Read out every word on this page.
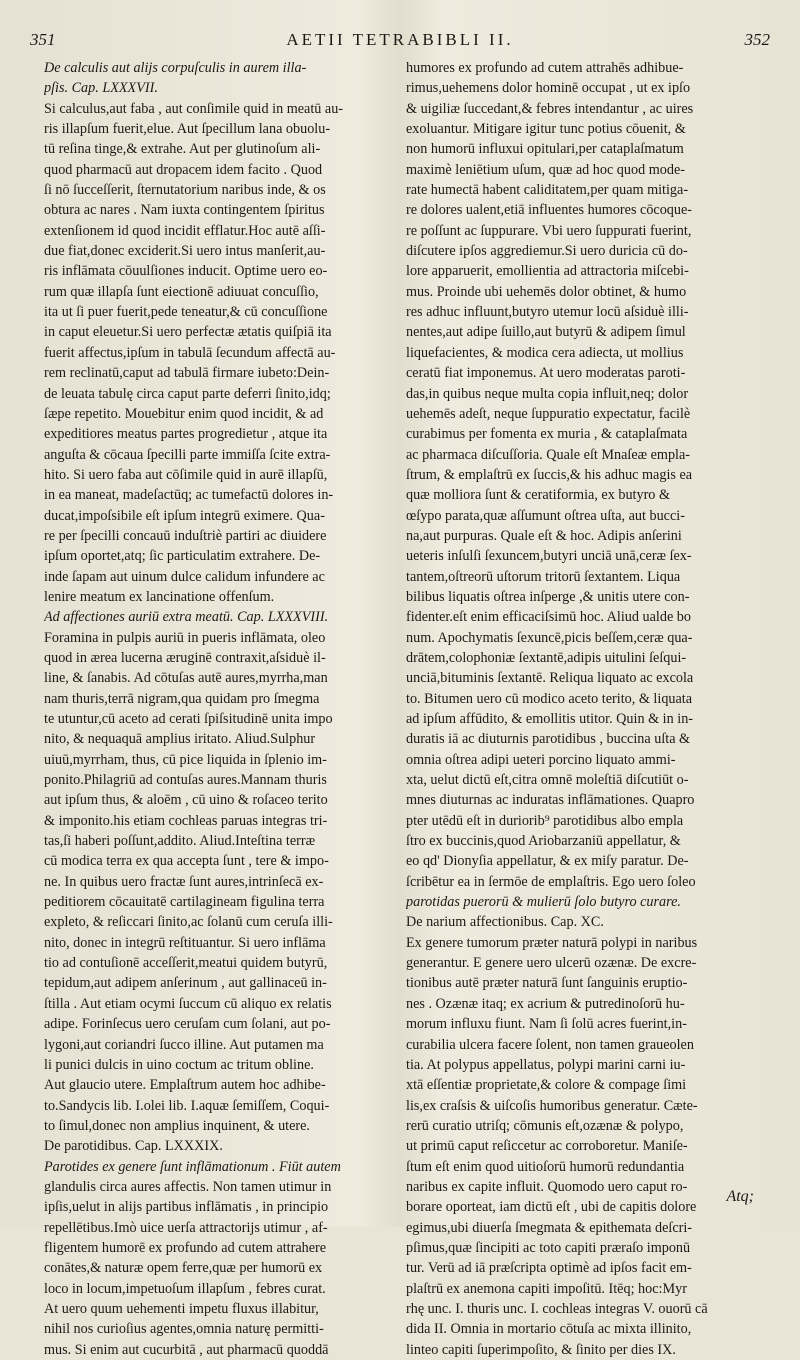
351	AETII TETRABIBLI II.	352
De calculis aut alijs corpuſculis in aurem illa-
pſis. Cap. LXXXVII.
Si calculus,aut faba , aut conſimile quid in meatū au-
ris illapſum fuerit,elue. Aut ſpecillum lana obuolu-
tū reſina tinge,& extrahe. Aut per glutinoſum ali-
quod pharmacū aut dropacem idem facito . Quod
ſi nō ſucceſſerit, ſternutatorium naribus inde, & os
obtura ac nares . Nam iuxta contingentem ſpiritus
extenſionem id quod incidit efflatur.Hoc autē aſſi-
due fiat,donec exciderit.Si uero intus manſerit,au-
ris inflāmata cōuulſiones inducit. Optime uero eo-
rum quæ illapſa ſunt eiectionē adiuuat concuſſio,
ita ut ſi puer fuerit,pede teneatur,& cū concuſſione
in caput eleuetur.Si uero perfectæ ætatis quiſpiā ita
fuerit affectus,ipſum in tabulā ſecundum affectā au-
rem reclinatū,caput ad tabulā firmare iubeto:Dein-
de leuata tabulę circa caput parte deferri ſinito,idq;
ſæpe repetito. Mouebitur enim quod incidit, & ad
expeditiores meatus partes progredietur , atque ita
anguſta & cōcaua ſpecilli parte immiſſa ſcite extra-
hito. Si uero faba aut cōſimile quid in aurē illapſū,
in ea maneat, madeſactūq; ac tumefactū dolores in-
ducat,impoſsibile eſt ipſum integrū eximere. Qua-
re per ſpecilli concauū induſtriè partiri ac diuidere
ipſum oportet,atq; ſic particulatim extrahere. De-
inde ſapam aut uinum dulce calidum infundere ac
lenire meatum ex lancinatione offenſum.
Ad affectiones auriū extra meatū. Cap. LXXXVIII.
Foramina in pulpis auriū in pueris inflāmata, oleo
quod in ærea lucerna æruginē contraxit,aſsiduè il-
line, & ſanabis. Ad cōtuſas autē aures,myrrha,man
nam thuris,terrā nigram,qua quidam pro ſmegma
te utuntur,cū aceto ad cerati ſpiſsitudinē unita impo
nito, & nequaquā amplius iritato. Aliud.Sulphur
uiuū,myrrham, thus, cū pice liquida in ſplenio im-
ponito.Philagriū ad contuſas aures.Mannam thuris
aut ipſum thus, & aloēm , cū uino & roſaceo terito
& imponito.his etiam cochleas paruas integras tri-
tas,ſi haberi poſſunt,addito. Aliud.Inteſtina terræ
cū modica terra ex qua accepta ſunt , tere & impo-
ne. In quibus uero fractæ ſunt aures,intrinſecā ex-
peditiorem cōcauitatē cartilagineam figulina terra
expleto, & reſiccari ſinito,ac ſolanū cum ceruſa illi-
nito, donec in integrū reſtituantur. Si uero inflāma
tio ad contuſionē acceſſerit,meatui quidem butyrū,
tepidum,aut adipem anſerinum , aut gallinaceū in-
ſtilla . Aut etiam ocymi ſuccum cū aliquo ex relatis
adipe. Forinſecus uero ceruſam cum ſolani, aut po-
lygoni,aut coriandri ſucco illine. Aut putamen ma
li punici dulcis in uino coctum ac tritum obline.
Aut glaucio utere. Emplaſtrum autem hoc adhibe-
to.Sandycis lib. I.olei lib. I.aquæ ſemiſſem, Coqui-
to ſimul,donec non amplius inquinent, & utere.
De parotidibus. Cap. LXXXIX.
Parotides ex genere ſunt inflāmationum . Fiūt autem
glandulis circa aures affectis. Non tamen utimur in
ipſis,uelut in alijs partibus inflāmatis , in principio
repellētibus.Imò uice uerſa attractorijs utimur , af-
fligentem humorē ex profundo ad cutem attrahere
conātes,& naturæ opem ferre,quæ per humorū ex
loco in locum,impetuoſum illapſum , febres curat.
At uero quum uehementi impetu fluxus illabitur,
nihil nos curioſius agentes,omnia naturę permitti-
mus. Si enim aut cucurbitā , aut pharmacū quoddā
humores ex profundo ad cutem attrahēs adhibue-
rimus,uehemens dolor hominē occupat , ut ex ipſo
& uigiliæ ſuccedant,& febres intendantur , ac uires
exoluantur. Mitigare igitur tunc potius cōuenit, &
non humorū influxui opitulari,per cataplaſmatum
maximè leniētium uſum, quæ ad hoc quod mode-
rate humectā habent caliditatem,per quam mitiga-
re dolores ualent,etiā influentes humores cōcoque-
re poſſunt ac ſuppurare. Vbi uero ſuppurati fuerint,
diſcutere ipſos aggrediemur.Si uero duricia cū do-
lore apparuerit, emollientia ad attractoria miſcebi-
mus. Proinde ubi uehemēs dolor obtinet, & humo
res adhuc influunt,butyro utemur locū aſsiduè illi-
nentes,aut adipe ſuillo,aut butyrū & adipem ſimul
liquefacientes, & modica cera adiecta, ut mollius
ceratū fiat imponemus. At uero moderatas paroti-
das,in quibus neque multa copia influit,neq; dolor
uehemēs adeſt, neque ſuppuratio expectatur, facilè
curabimus per fomenta ex muria , & cataplaſmata
ac pharmaca diſcuſſoria. Quale eſt Mnaſeæ empla-
ſtrum, & emplaſtrū ex ſuccis,& his adhuc magis ea
quæ molliora ſunt & ceratiformia, ex butyro &
œſypo parata,quæ aſſumunt oſtrea uſta, aut bucci-
na,aut purpuras. Quale eſt & hoc. Adipis anſerini
ueteris inſulſi ſexuncem,butyri unciā unā,ceræ ſex-
tantem,oſtreorū uſtorum tritorū ſextantem. Liqua
bilibus liquatis oſtrea inſperge ,& unitis utere con-
fidenter.eſt enim efficaciſsimū hoc. Aliud ualde bo
num. Apochymatis ſexuncē,picis beſſem,ceræ qua-
drātem,colophoniæ ſextantē,adipis uitulini ſeſqui-
unciā,bituminis ſextantē. Reliqua liquato ac excola
to. Bitumen uero cū modico aceto terito, & liquata
ad ipſum affūdito, & emollitis utitor. Quin & in in-
duratis iā ac diuturnis parotidibus , buccina uſta &
omnia oſtrea adipi ueteri porcino liquato ammi-
xta, uelut dictū eſt,citra omnē moleſtiā diſcutiūt o-
mnes diuturnas ac induratas inflāmationes. Quapro
pter utēdū eſt in duriorib⁹ parotidibus albo empla
ſtro ex buccinis,quod Ariobarzaniū appellatur, &
eo qd' Dionyſia appellatur, & ex miſy paratur. De-
ſcribētur ea in ſermōe de emplaſtris. Ego uero ſoleo
parotidas puerorū & mulierū ſolo butyro curare.
De narium affectionibus. Cap. XC.
Ex genere tumorum præter naturā polypi in naribus
generantur. E genere uero ulcerū ozænæ. De excre-
tionibus autē præter naturā ſunt ſanguinis eruptio-
nes . Ozænæ itaq; ex acrium & putredinoſorū hu-
morum influxu fiunt. Nam ſi ſolū acres fuerint,in-
curabilia ulcera facere ſolent, non tamen graueolen
tia. At polypus appellatus, polypi marini carni iu-
xtā eſſentiæ proprietate,& colore & compage ſimi
lis,ex craſsis & uiſcoſis humoribus generatur. Cæte-
rerū curatio utriſq; cōmunis eſt,ozænæ & polypo,
ut primū caput reſiccetur ac corroboretur. Maniſe-
ſtum eſt enim quod uitioſorū humorū redundantia
naribus ex capite influit. Quomodo uero caput ro-
borare oporteat, iam dictū eſt , ubi de capitis dolore
egimus,ubi diuerſa ſmegmata & epithemata deſcri-
pſimus,quæ ſincipiti ac toto capiti præraſo imponū
tur. Verū ad iā præſcripta optimè ad ipſos facit em-
plaſtrū ex anemona capiti impoſitū. Itēq; hoc:Myr
rhę unc. I. thuris unc. I. cochleas integras V. ouorū cā
dida II. Omnia in mortario cōtuſa ac mixta illinito,
linteo capiti ſuperimpoſito, & ſinito per dies IX.
Atq;
